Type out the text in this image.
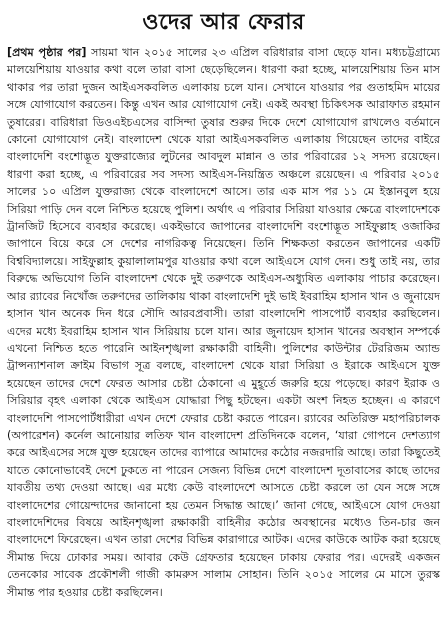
ওদের আর ফেরার
[প্রথম পৃষ্ঠার পর] সায়মা খান ২০১৫ সালের ২৩ এপ্রিল বরিধারার বাসা ছেড়ে যান। মধ্যচট্টগ্রাম্যে মালয়েশিয়ায় যাওয়ার কথা বলে তারা বাসা ছেড়েছিলেন। ধারণা করা হচ্ছে, মালয়েশিয়ায় তিন মাস থাকার পর তারা দুজন আইএসকবলিত এলাকায় চলে যান। সেখানে যাওয়ার পর গুতাহমিদ মায়ের সঙ্গে যোগাযোগ করতেন। কিন্তু এখন আর যোগাযোগ নেই। একই অবস্থা চিকিৎসক আরাফাত রহমান তুষারের। বারিধারা ডিওএইচএসের বাসিন্দা তুষার শুরুর দিকে দেশে যোগাযোগ রাখলেও বর্তমানে কোনো যোগাযোগ নেই। বাংলাদেশ থেকে যারা আইএসকবলিত এলাকায় গিয়েছেন তাদের বাইরে বাংলাদেশি বংশোদ্ভূত যুক্তরাজ্যের লুটনের আবদুল মান্নান ও তার পরিবারের ১২ সদস্য রয়েছেন। ধারণা করা হচ্ছে, এ পরিবারের সব সদস্য আইএস-নিয়ন্ত্রিত অঞ্চলে রয়েছেন। এ পরিবার ২০১৫ সালের ১০ এপ্রিল যুক্তরাজ্য থেকে বাংলাদেশে আসে। তার এক মাস পর ১১ মে ইস্তানবুল হয়ে সিরিয়া পাড়ি দেন বলে নিশ্চিত হয়েছে পুলিশ। অর্থাৎ এ পরিবার সিরিয়া যাওয়ার ক্ষেত্রে বাংলাদেশকে ট্রানজিট হিসেবে ব্যবহার করেছে। একইভাবে জাপানের বাংলাদেশি বংশোদ্ভূত সাইফুল্লাহ ওজাকির জাপানে বিয়ে করে সে দেশের নাগরিকত্ব নিয়েছেন। তিনি শিক্ষকতা করতেন জাপানের একটি বিশ্ববিদ্যালয়ে। সাইফুল্লাহ কুয়ালালামপুর যাওয়ার কথা বলে আইএসে যোগ দেন। শুধু তাই নয়, তার বিরুদ্ধে অভিযোগ তিনি বাংলাদেশ থেকে দুই তরুণকে আইএস-অধ্যুষিত এলাকায় পাচার করেছেন। আর র‌্যাবের নিখোঁজ তরুণদের তালিকায় থাকা বাংলাদেশি দুই ভাই ইবরাহিম হাসান খান ও জুনায়েদ হাসান খান অনেক দিন ধরে সৌদি আরবপ্রবাসী। তারা বাংলাদেশি পাসপোর্ট ব্যবহার করছিলেন। এদের মধ্যে ইবরাহিম হাসান খান সিরিয়ায় চলে যান। আর জুনায়েদ হাসান খানের অবস্থান সম্পর্কে এখনো নিশ্চিত হতে পারেনি আইনশৃঙ্খলা রক্ষাকারী বাহিনী। পুলিশের কাউন্টার টেররিজম অ্যান্ড ট্রান্সন্যাশনাল ক্রাইম বিভাগ সূত্র বলছে, বাংলাদেশ থেকে যারা সিরিয়া ও ইরাকে আইএসে যুক্ত হয়েছেন তাদের দেশে ফেরত আসার চেষ্টা ঠেকানো এ মুহূর্তে জরুরি হয়ে পড়েছে। কারণ ইরাক ও সিরিয়ার বৃহৎ এলাকা থেকে আইএস যোদ্ধারা পিছু হটছেন। একটা অংশ নিহত হচ্ছেন। এ কারণে বাংলাদেশি পাসপোর্টধারীরা এখন দেশে ফেরার চেষ্টা করতে পারেন। র‌্যাবের অতিরিক্ত মহাপরিচালক (অপারেশন) কর্নেল আনোয়ার লতিফ খান বাংলাদেশ প্রতিদিনকে বলেন, ‘যারা গোপনে দেশত্যাগ করে আইএসের সঙ্গে যুক্ত হয়েছেন তাদের ব্যাপারে আমাদের কঠোর নজরদারি আছে। তারা কিছুতেই যাতে কোনোভাবেই দেশে ঢুকতে না পারেন সেজন্য বিভিন্ন দেশে বাংলাদেশ দূতাবাসের কাছে তাদের যাবতীয় তথ্য দেওয়া আছে। এর মধ্যে কেউ বাংলাদেশে আসতে চেষ্টা করলে তা যেন সঙ্গে সঙ্গে বাংলাদেশের গোয়েন্দাদের জানানো হয় তেমন সিদ্ধান্ত আছে।’ জানা গেছে, আইএসে যোগ দেওয়া বাংলাদেশিদের বিষয়ে আইনশৃঙ্খলা রক্ষাকারী বাহিনীর কঠোর অবস্থানের মধ্যেও তিন-চার জন বাংলাদেশে ফিরেছেন। এখন তারা দেশের বিভিন্ন কারাগারে আটক। এদের কাউকে আটক করা হয়েছে সীমান্ত দিয়ে ঢোকার সময়। আবার কেউ গ্রেফতার হয়েছেন ঢাকায় ফেরার পর। এদেরই একজন তেনকোর সাবেক প্রকৌশলী গাজী কামরুস সালাম সোহান। তিনি ২০১৫ সালের মে মাসে তুরস্ক সীমান্ত পার হওয়ার চেষ্টা করছিলেন।
